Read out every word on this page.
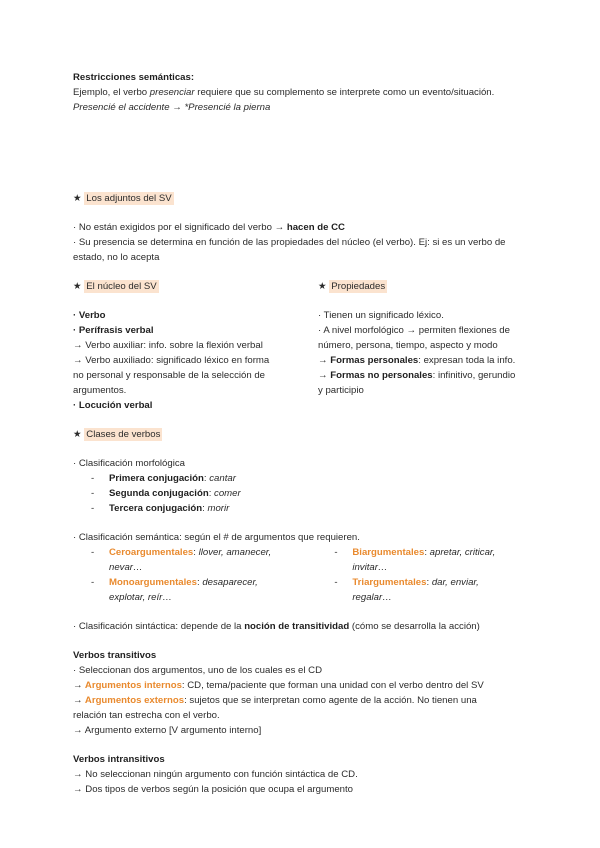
Restricciones semánticas:
Ejemplo, el verbo presenciar requiere que su complemento se interprete como un evento/situación.
Presencié el accidente → *Presencié la pierna
★ Los adjuntos del SV
· No están exigidos por el significado del verbo → hacen de CC
· Su presencia se determina en función de las propiedades del núcleo (el verbo). Ej: si es un verbo de
estado, no lo acepta
★ El núcleo del SV
· Verbo
· Perífrasis verbal
→ Verbo auxiliar: info. sobre la flexión verbal
→ Verbo auxiliado: significado léxico en forma
no personal y responsable de la selección de
argumentos.
· Locución verbal
★ Propiedades
· Tienen un significado léxico.
· A nivel morfológico → permiten flexiones de
número, persona, tiempo, aspecto y modo
→ Formas personales: expresan toda la info.
→ Formas no personales: infinitivo, gerundio
y participio
★ Clases de verbos
· Clasificación morfológica
- Primera conjugación: cantar
- Segunda conjugación: comer
- Tercera conjugación: morir
· Clasificación semántica: según el # de argumentos que requieren.
- Ceroargumentales: llover, amanecer,
nevar…
- Monoargumentales: desaparecer,
explotar, reír…
- Biargumentales: apretar, criticar,
invitar…
- Triargumentales: dar, enviar,
regalar…
· Clasificación sintáctica: depende de la noción de transitividad (cómo se desarrolla la acción)
Verbos transitivos
· Seleccionan dos argumentos, uno de los cuales es el CD
→ Argumentos internos: CD, tema/paciente que forman una unidad con el verbo dentro del SV
→ Argumentos externos: sujetos que se interpretan como agente de la acción. No tienen una
relación tan estrecha con el verbo.
→ Argumento externo [V argumento interno]
Verbos intransitivos
→ No seleccionan ningún argumento con función sintáctica de CD.
→ Dos tipos de verbos según la posición que ocupa el argumento
